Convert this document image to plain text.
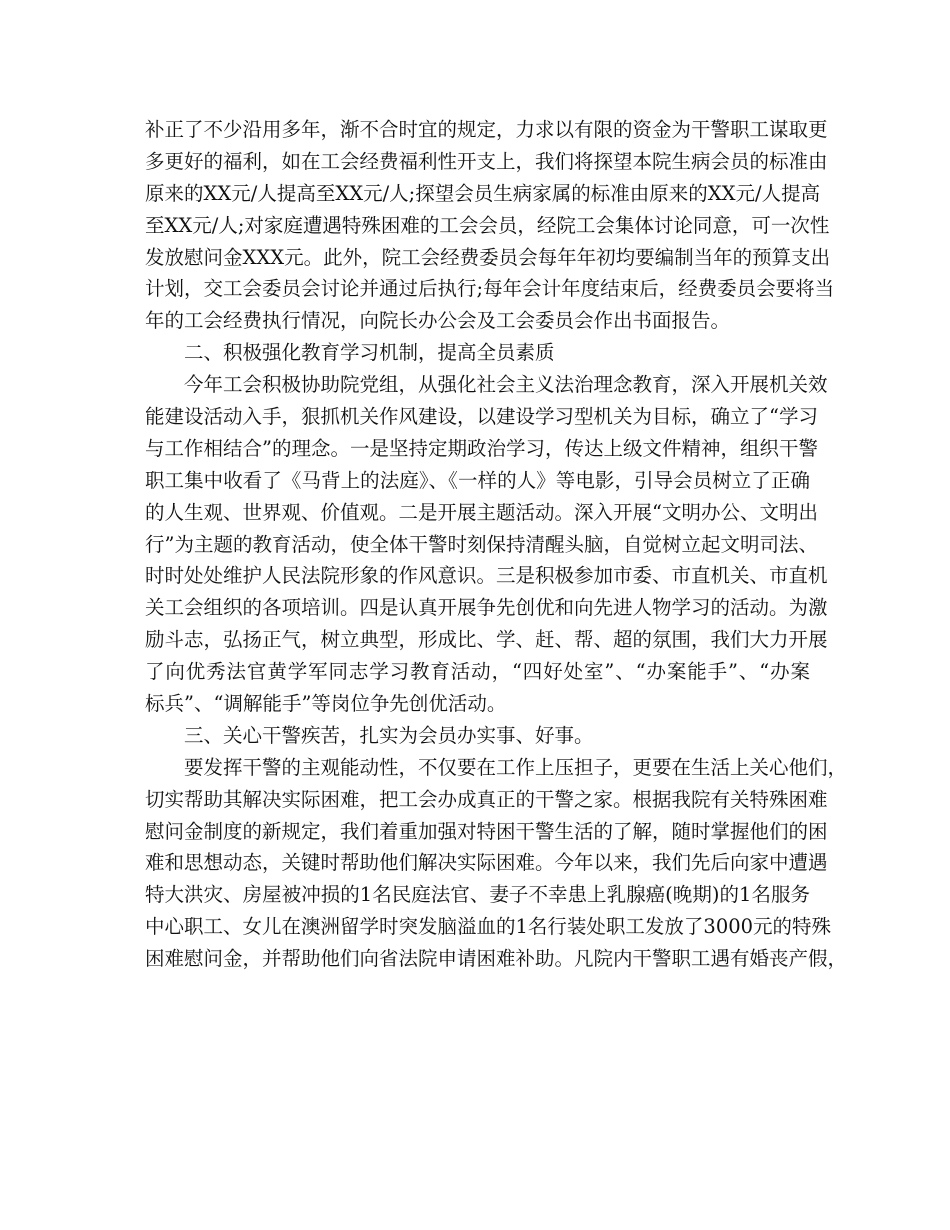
补正了不少沿用多年，渐不合时宜的规定，力求以有限的资金为干警职工谋取更
多更好的福利，如在工会经费福利性开支上，我们将探望本院生病会员的标准由
原来的XX元/人提高至XX元/人;探望会员生病家属的标准由原来的XX元/人提高
至XX元/人;对家庭遭遇特殊困难的工会会员，经院工会集体讨论同意，可一次性
发放慰问金XXX元。此外，院工会经费委员会每年年初均要编制当年的预算支出
计划，交工会委员会讨论并通过后执行;每年会计年度结束后，经费委员会要将当
年的工会经费执行情况，向院长办公会及工会委员会作出书面报告。
二、积极强化教育学习机制，提高全员素质
今年工会积极协助院党组，从强化社会主义法治理念教育，深入开展机关效
能建设活动入手，狠抓机关作风建设，以建设学习型机关为目标，确立了“学习
与工作相结合”的理念。一是坚持定期政治学习，传达上级文件精神，组织干警
职工集中收看了《马背上的法庭》、《一样的人》等电影，引导会员树立了正确
的人生观、世界观、价值观。二是开展主题活动。深入开展“文明办公、文明出
行”为主题的教育活动，使全体干警时刻保持清醒头脑，自觉树立起文明司法、
时时处处维护人民法院形象的作风意识。三是积极参加市委、市直机关、市直机
关工会组织的各项培训。四是认真开展争先创优和向先进人物学习的活动。为激
励斗志，弘扬正气，树立典型，形成比、学、赶、帮、超的氛围，我们大力开展
了向优秀法官黄学军同志学习教育活动，“四好处室”、“办案能手”、“办案
标兵”、“调解能手”等岗位争先创优活动。
三、关心干警疾苦，扎实为会员办实事、好事。
要发挥干警的主观能动性，不仅要在工作上压担子，更要在生活上关心他们，
切实帮助其解决实际困难，把工会办成真正的干警之家。根据我院有关特殊困难
慰问金制度的新规定，我们着重加强对特困干警生活的了解，随时掌握他们的困
难和思想动态，关键时帮助他们解决实际困难。今年以来，我们先后向家中遭遇
特大洪灾、房屋被冲损的1名民庭法官、妻子不幸患上乳腺癌(晚期)的1名服务
中心职工、女儿在澳洲留学时突发脑溢血的1名行装处职工发放了3000元的特殊
困难慰问金，并帮助他们向省法院申请困难补助。凡院内干警职工遇有婚丧产假，
